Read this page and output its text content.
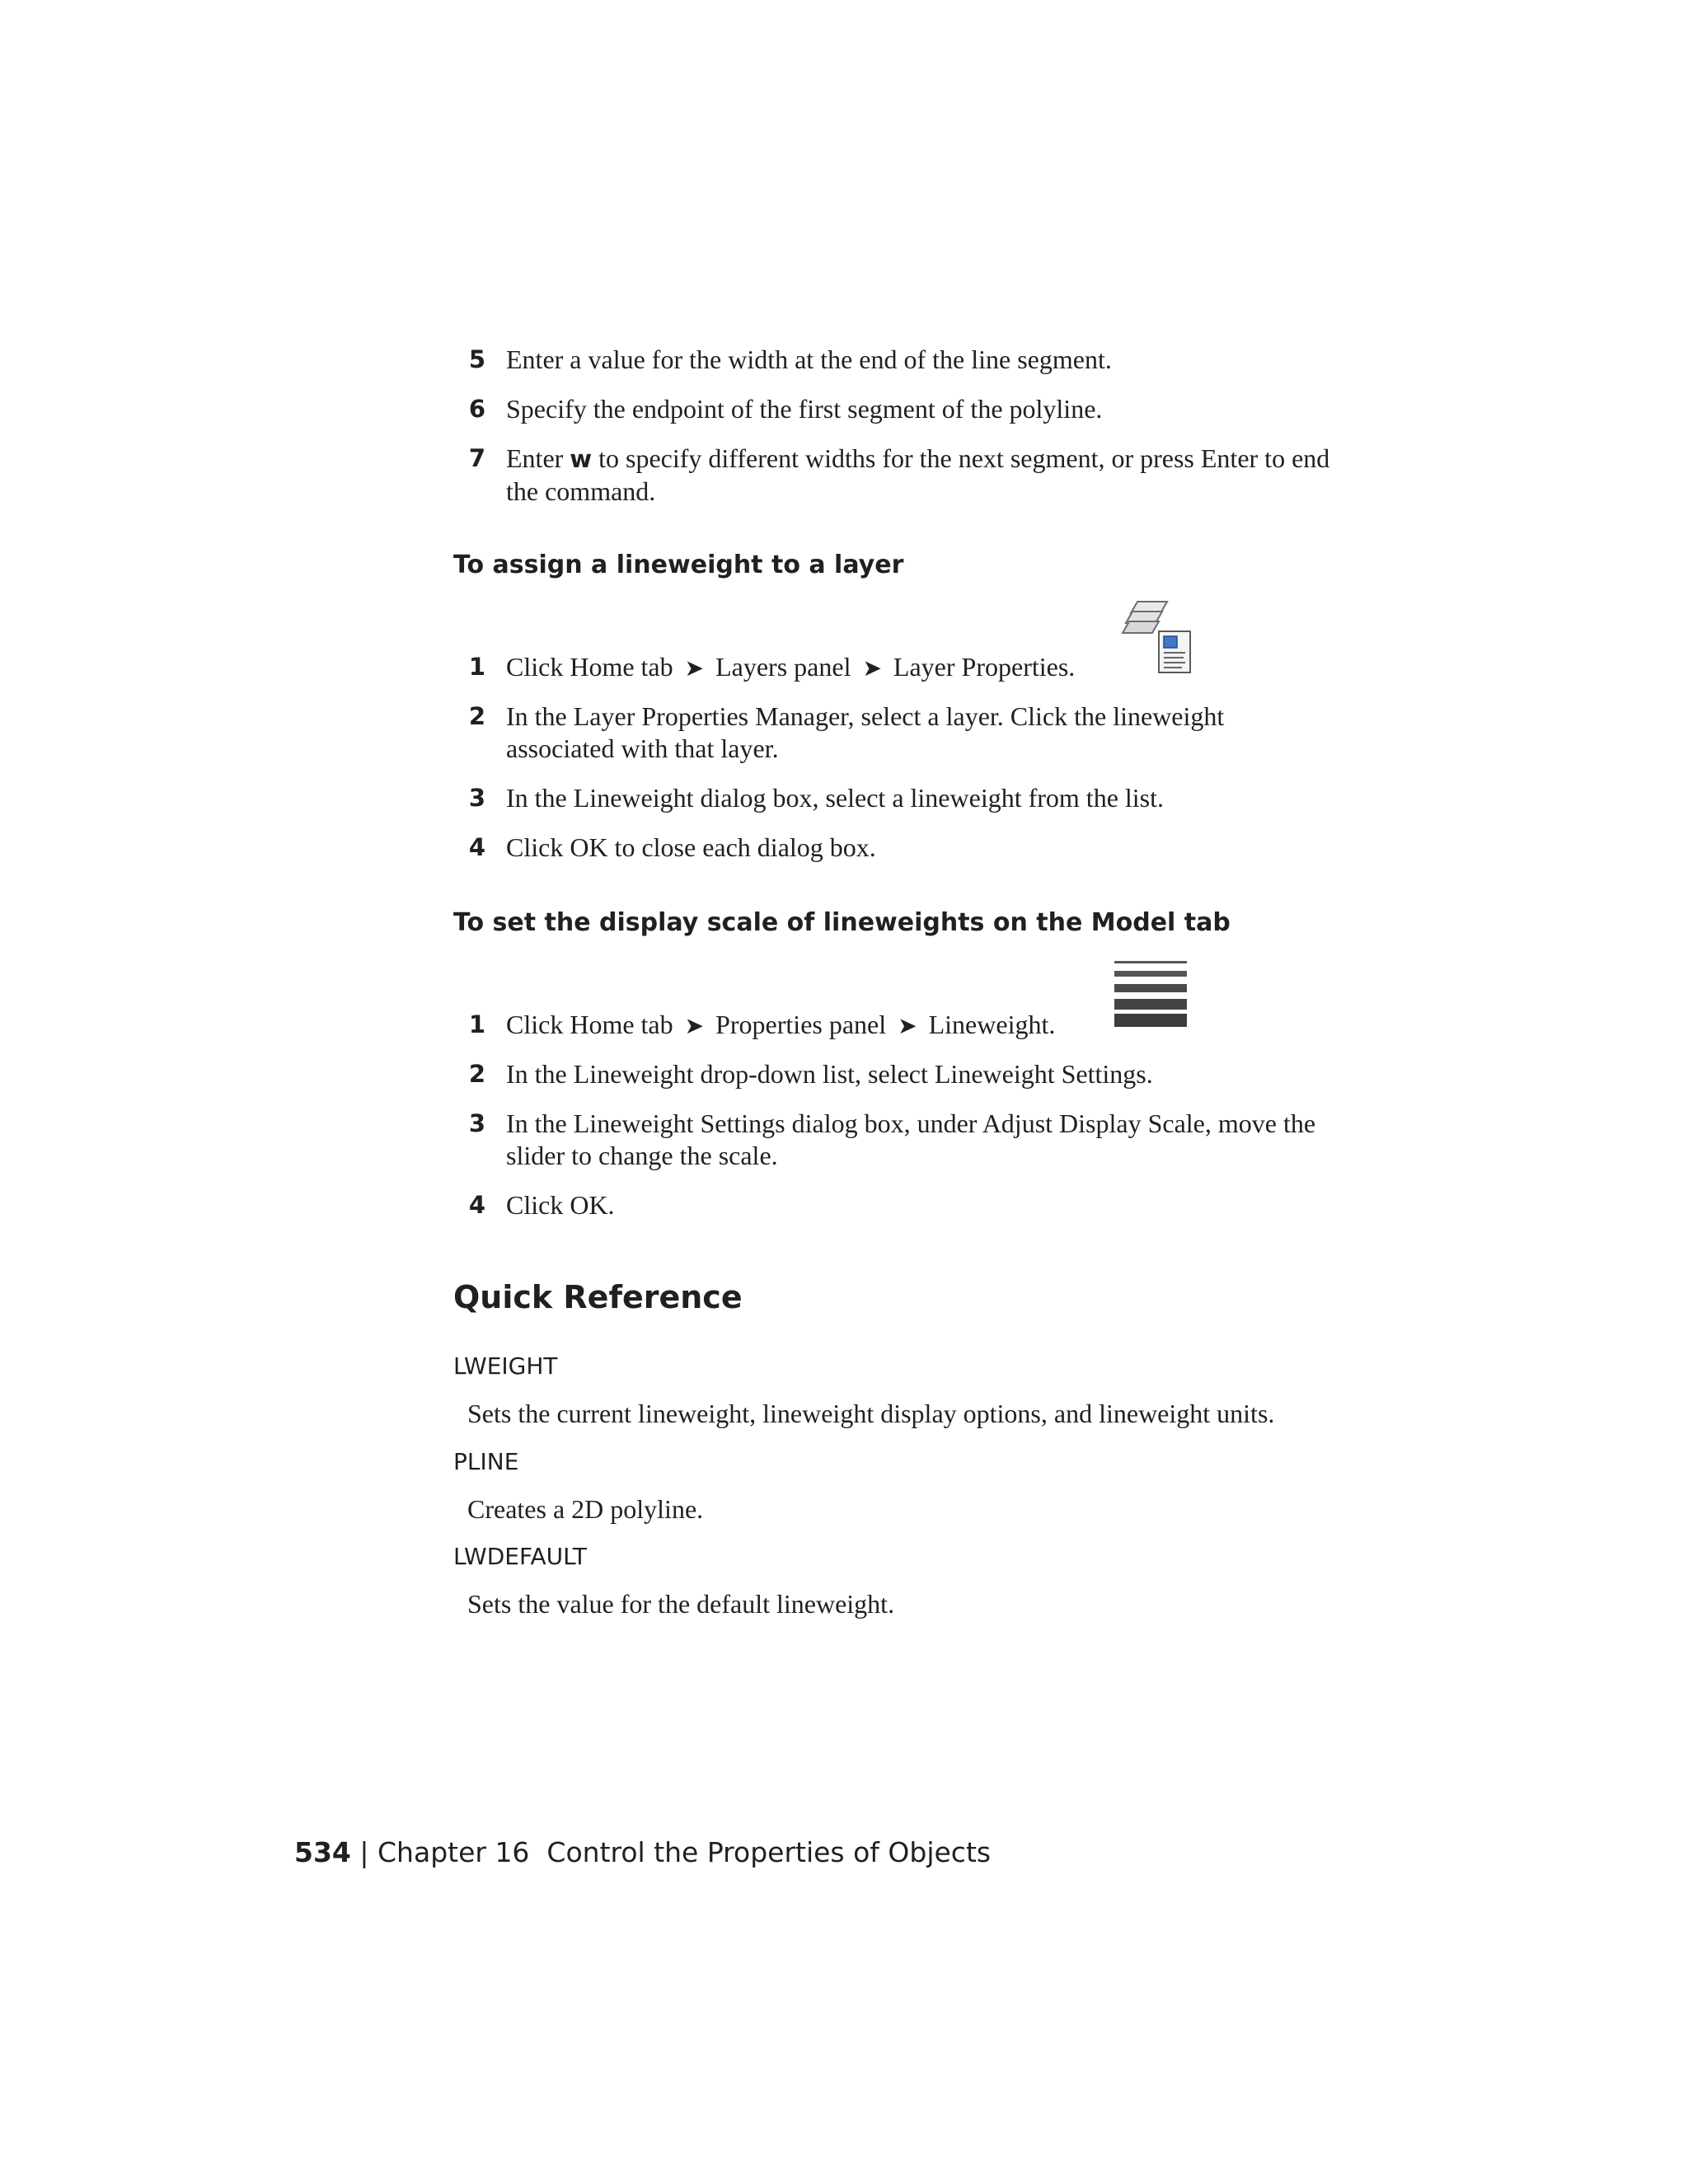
5 Enter a value for the width at the end of the line segment.
6 Specify the endpoint of the first segment of the polyline.
7 Enter w to specify different widths for the next segment, or press Enter to end the command.
To assign a lineweight to a layer
1 Click Home tab ➤ Layers panel ➤ Layer Properties.
2 In the Layer Properties Manager, select a layer. Click the lineweight associated with that layer.
3 In the Lineweight dialog box, select a lineweight from the list.
4 Click OK to close each dialog box.
To set the display scale of lineweights on the Model tab
1 Click Home tab ➤ Properties panel ➤ Lineweight.
2 In the Lineweight drop-down list, select Lineweight Settings.
3 In the Lineweight Settings dialog box, under Adjust Display Scale, move the slider to change the scale.
4 Click OK.
Quick Reference
LWEIGHT
Sets the current lineweight, lineweight display options, and lineweight units.
PLINE
Creates a 2D polyline.
LWDEFAULT
Sets the value for the default lineweight.
534 | Chapter 16 Control the Properties of Objects
